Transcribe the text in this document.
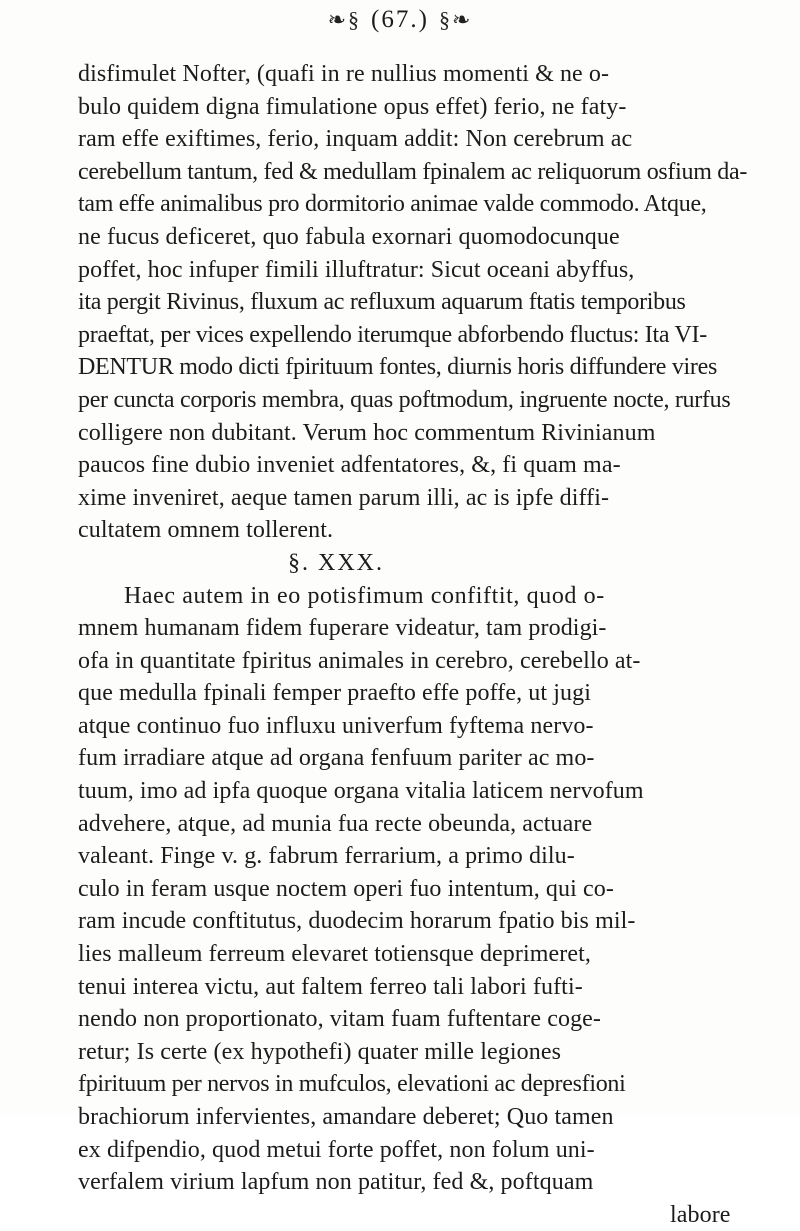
❧§ (67.) §❧
disfimulet Nofter, (quafi in re nullius momenti & ne o-
bulo quidem digna fimulatione opus effet) ferio, ne faty-
ram effe exiftimes, ferio, inquam addit: Non cerebrum ac
cerebellum tantum, fed & medullam fpinalem ac reliquorum osfium da-
tam effe animalibus pro dormitorio animae valde commodo. Atque,
ne fucus deficeret, quo fabula exornari quomodocunque
poffet, hoc infuper fimili illuftratur: Sicut oceani abyffus,
ita pergit Rivinus, fluxum ac refluxum aquarum ftatis temporibus
praeftat, per vices expellendo iterumque abforbendo fluctus: Ita VI-
DENTUR modo dicti fpirituum fontes, diurnis horis diffundere vires
per cuncta corporis membra, quas poftmodum, ingruente nocte, rurfus
colligere non dubitant. Verum hoc commentum Rivinianum
paucos fine dubio inveniet adfentatores, &, fi quam ma-
xime inveniret, aeque tamen parum illi, ac is ipfe diffi-
cultatem omnem tollerent.
§. XXX.
Haec autem in eo potisfimum confiftit, quod o-
mnem humanam fidem fuperare videatur, tam prodigi-
ofa in quantitate fpiritus animales in cerebro, cerebello at-
que medulla fpinali femper praefto effe poffe, ut jugi
atque continuo fuo influxu univerfum fyftema nervo-
fum irradiare atque ad organa fenfuum pariter ac mo-
tuum, imo ad ipfa quoque organa vitalia laticem nervofum
advehere, atque, ad munia fua recte obeunda, actuare
valeant. Finge v. g. fabrum ferrarium, a primo dilu-
culo in feram usque noctem operi fuo intentum, qui co-
ram incude conftitutus, duodecim horarum fpatio bis mil-
lies malleum ferreum elevaret totiensque deprimeret,
tenui interea victu, aut faltem ferreo tali labori fufti-
nendo non proportionato, vitam fuam fuftentare coge-
retur; Is certe (ex hypothefi) quater mille legiones
fpirituum per nervos in mufculos, elevationi ac depresfioni
brachiorum infervientes, amandare deberet; Quo tamen
ex difpendio, quod metui forte poffet, non folum uni-
verfalem virium lapfum non patitur, fed &, poftquam
labore
